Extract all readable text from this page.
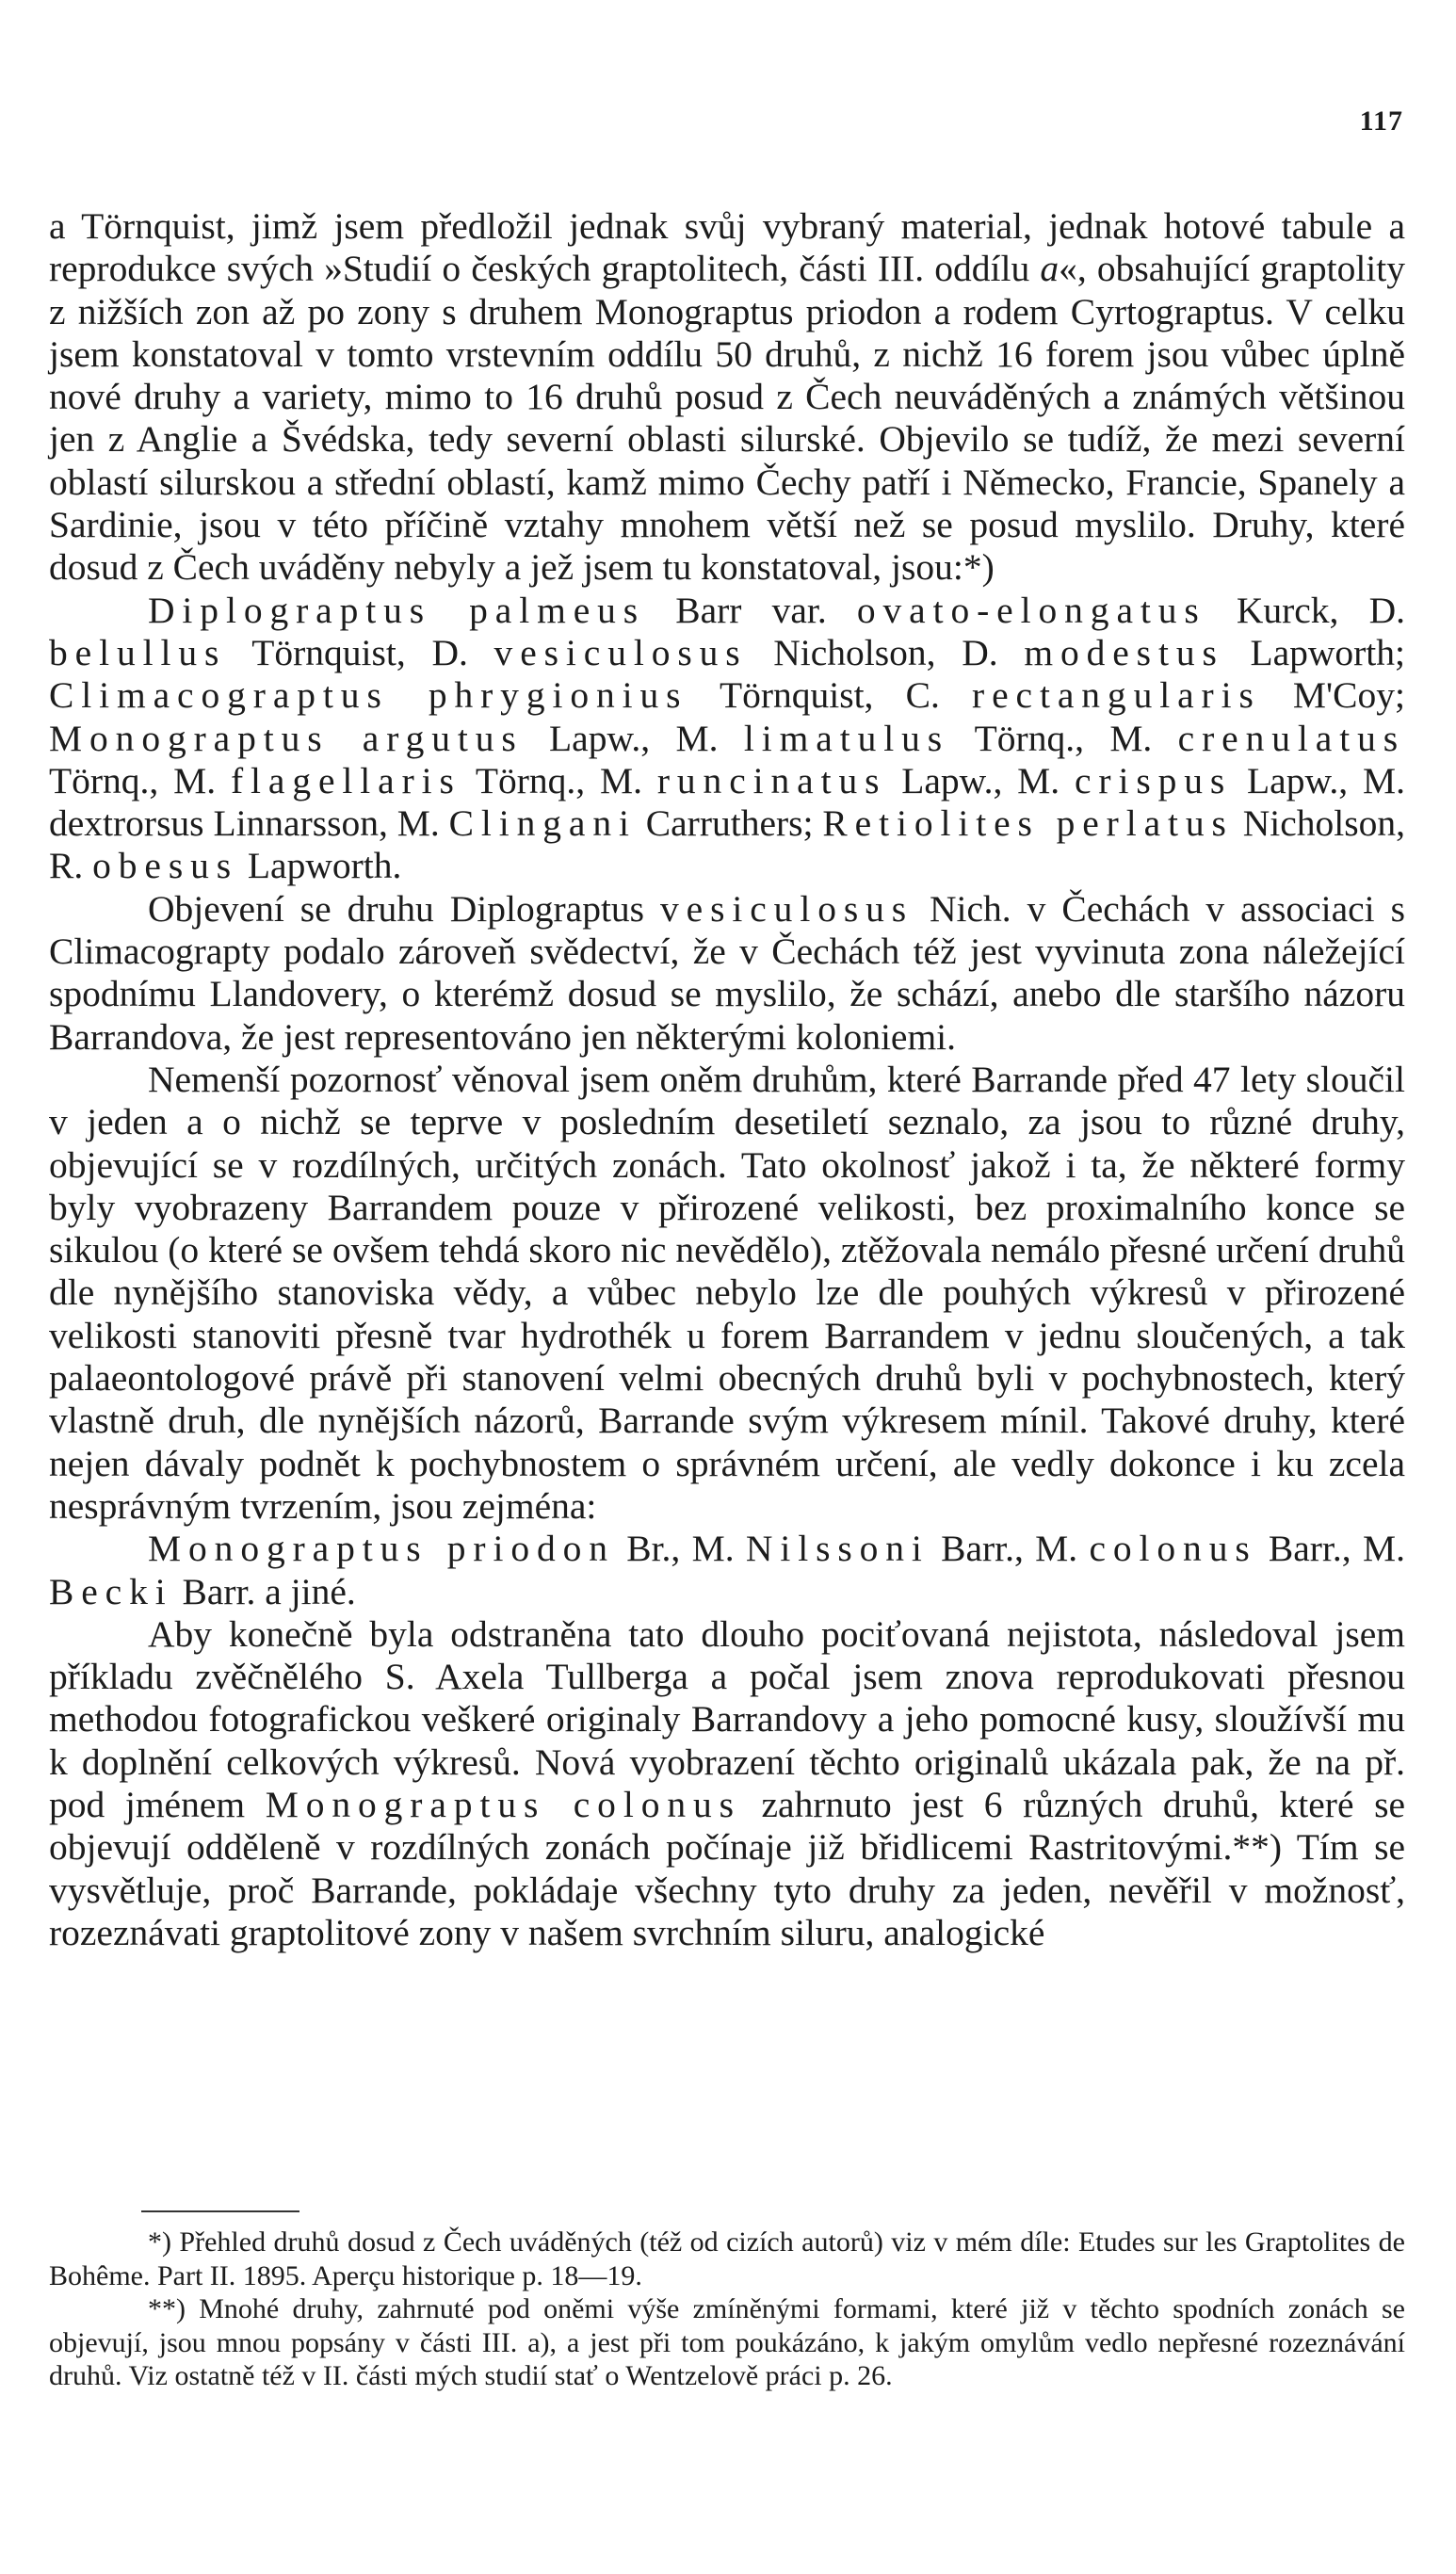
117

a Törnquist, jimž jsem předložil jednak svůj vybraný material, jednak hotové tabule a reprodukce svých »Studií o českých graptolitech, části III. oddílu a«, obsahující graptolity z nižších zon až po zony s druhem Monograptus priodon a rodem Cyrtograptus. V celku jsem konstatoval v tomto vrstevním oddílu 50 druhů, z nichž 16 forem jsou vůbec úplně nové druhy a variety, mimo to 16 druhů posud z Čech neuváděných a známých většinou jen z Anglie a Švédska, tedy severní oblasti silurské. Objevilo se tudíž, že mezi severní oblastí silurskou a střední oblastí, kamž mimo Čechy patří i Německo, Francie, Spanely a Sardinie, jsou v této příčině vztahy mnohem větší než se posud myslilo. Druhy, které dosud z Čech uváděny nebyly a jež jsem tu konstatoval, jsou:*)

Diplograptus palmeus Barr var. ovato-elongatus Kurck, D. belullus Törnquist, D. vesiculosus Nicholson, D. modestus Lapworth; Climacograptus phrygionius Törnquist, C. rectangularis M'Coy; Monograptus argutus Lapw., M. limatulus Törnq., M. crenulatus Törnq., M. flagellaris Törnq., M. runcinatus Lapw., M. crispus Lapw., M. dextrorsus Linnarsson, M. Clingani Carruthers; Retiolites perlatus Nicholson, R. obesus Lapworth.

Objevení se druhu Diplograptus vesiculosus Nich. v Čechách v associaci s Climacograpty podalo zároveň svědectví, že v Čechách též jest vyvinuta zona náležející spodnímu Llandovery, o kterémž dosud se myslilo, že schází, anebo dle staršího názoru Barrandova, že jest representováno jen některými koloniemi.

Nemenší pozornosť věnoval jsem oněm druhům, které Barrande před 47 lety sloučil v jeden a o nichž se teprve v posledním desetiletí seznalo, za jsou to různé druhy, objevující se v rozdílných, určitých zonách. Tato okolnosť jakož i ta, že některé formy byly vyobrazeny Barrandem pouze v přirozené velikosti, bez proximalního konce se sikulou (o které se ovšem tehdá skoro nic nevědělo), ztěžovala nemálo přesné určení druhů dle nynějšího stanoviska vědy, a vůbec nebylo lze dle pouhých výkresů v přirozené velikosti stanoviti přesně tvar hydrothék u forem Barrandem v jednu sloučených, a tak palaeontologové právě při stanovení velmi obecných druhů byli v pochybnostech, který vlastně druh, dle nynějších názorů, Barrande svým výkresem mínil. Takové druhy, které nejen dávaly podnět k pochybnostem o správném určení, ale vedly dokonce i ku zcela nesprávným tvrzením, jsou zejména:

Monograptus priodon Br., M. Nilssoni Barr., M. colonus Barr., M. Becki Barr. a jiné.

Aby konečně byla odstraněna tato dlouho pociťovaná nejistota, následoval jsem příkladu zvěčnělého S. Axela Tullberga a počal jsem znova reprodukovati přesnou methodou fotografickou veškeré originaly Barrandovy a jeho pomocné kusy, sloužívší mu k doplnění celkových výkresů. Nová vyobrazení těchto originalů ukázala pak, že na př. pod jménem Monograptus colonus zahrnuto jest 6 různých druhů, které se objevují odděleně v rozdílných zonách počínaje již břidlicemi Rastritovými.**) Tím se vysvětluje, proč Barrande, pokládaje všechny tyto druhy za jeden, nevěřil v možnosť, rozeznávati graptolitové zony v našem svrchním siluru, analogické

*) Přehled druhů dosud z Čech uváděných (též od cizích autorů) viz v mém díle: Etudes sur les Graptolites de Bohême. Part II. 1895. Aperçu historique p. 18—19.

**) Mnohé druhy, zahrnuté pod oněmi výše zmíněnými formami, které již v těchto spodních zonách se objevují, jsou mnou popsány v části III. a), a jest při tom poukázáno, k jakým omylům vedlo nepřesné rozeznávání druhů. Viz ostatně též v II. části mých studií stať o Wentzelově práci p. 26.
